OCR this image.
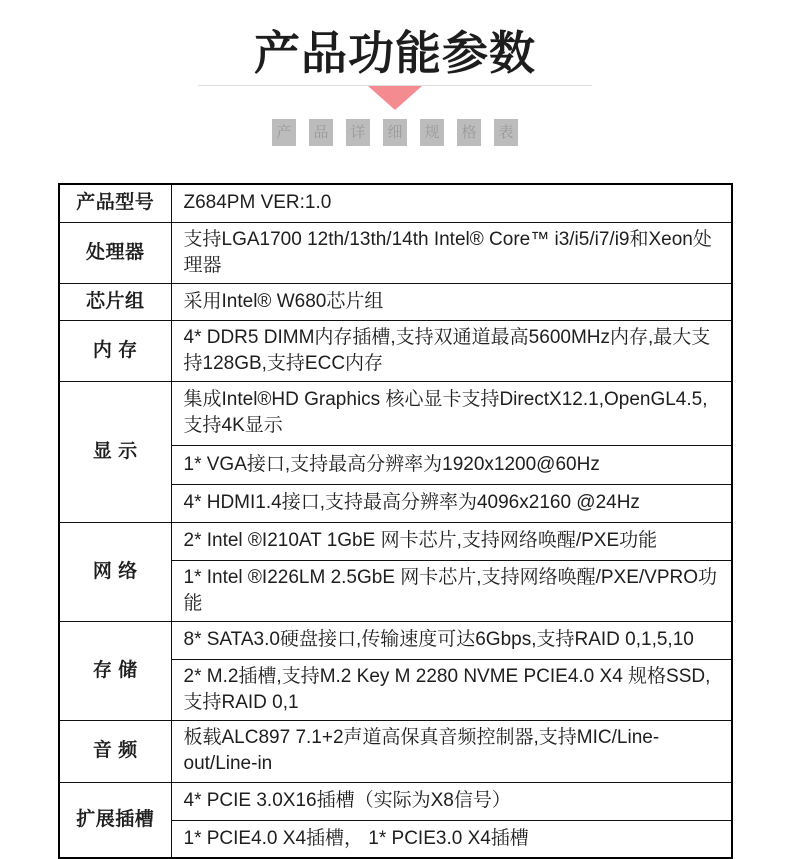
产品功能参数
产	品	详	细	规	格	表
产品型号	Z684PM VER:1.0
处理器	支持LGA1700 12th/13th/14th Intel® Core™ i3/i5/i7/i9和Xeon处理器
芯片组	采用Intel® W680芯片组
内 存	4* DDR5 DIMM内存插槽,支持双通道最高5600MHz内存,最大支持128GB,支持ECC内存
显 示	集成Intel®HD Graphics 核心显卡支持DirectX12.1,OpenGL4.5,支持4K显示
	1* VGA接口,支持最高分辨率为1920x1200@60Hz
	4* HDMI1.4接口,支持最高分辨率为4096x2160 @24Hz
网 络	2* Intel ®I210AT 1GbE 网卡芯片,支持网络唤醒/PXE功能
	1* Intel ®I226LM 2.5GbE 网卡芯片,支持网络唤醒/PXE/VPRO功能
存 储	8* SATA3.0硬盘接口,传输速度可达6Gbps,支持RAID 0,1,5,10
	2* M.2插槽,支持M.2 Key M 2280 NVME PCIE4.0 X4 规格SSD,支持RAID 0,1
音 频	板载ALC897 7.1+2声道高保真音频控制器,支持MIC/Line-out/Line-in
扩展插槽	4* PCIE 3.0X16插槽（实际为X8信号）
	1* PCIE4.0 X4插槽， 1* PCIE3.0 X4插槽
